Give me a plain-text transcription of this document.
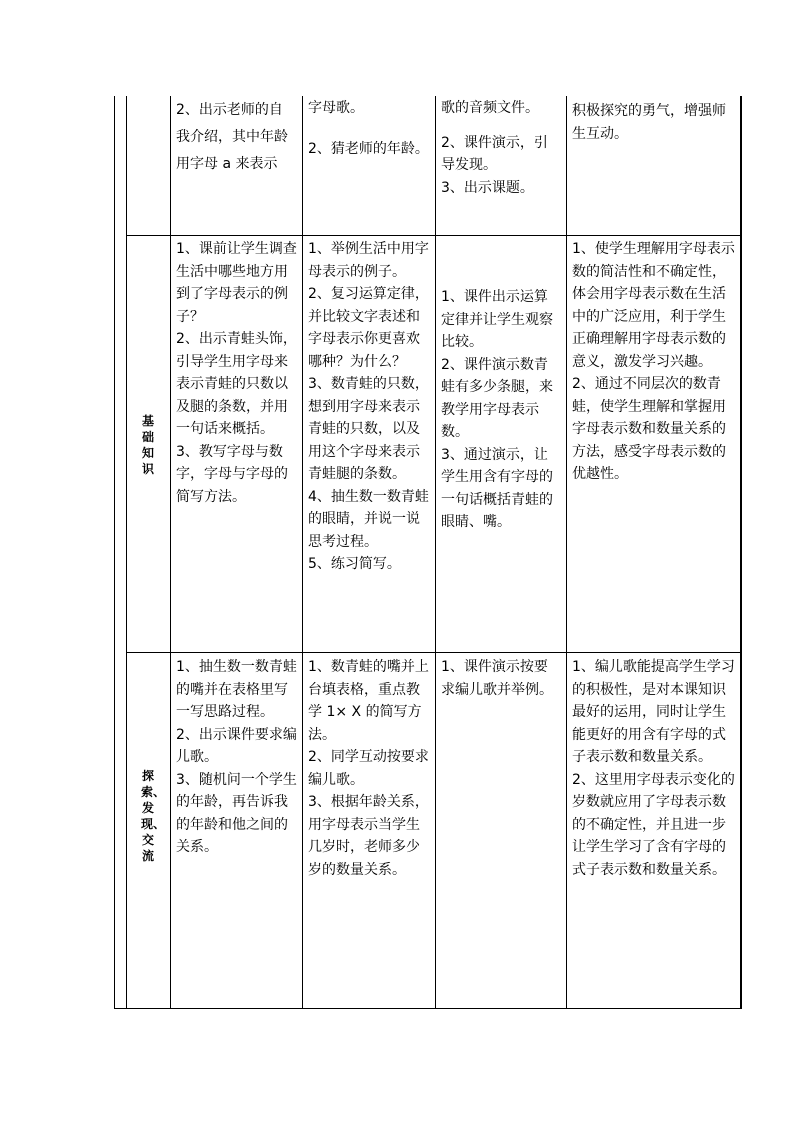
2、出示老师的自我介绍，其中年龄用字母 a 来表示

字母歌。

2、猜老师的年龄。

歌的音频文件。

2、课件演示，引导发现。

3、出示课题。

积极探究的勇气，增强师生互动。

基础知识

1、课前让学生调查生活中哪些地方用到了字母表示的例子？

2、出示青蛙头饰，引导学生用字母来表示青蛙的只数以及腿的条数，并用一句话来概括。

3、教写字母与数字，字母与字母的简写方法。

1、举例生活中用字母表示的例子。

2、复习运算定律，并比较文字表述和字母表示你更喜欢哪种？为什么？

3、数青蛙的只数，想到用字母来表示青蛙的只数，以及用这个字母来表示青蛙腿的条数。

4、抽生数一数青蛙的眼睛，并说一说思考过程。

5、练习简写。

1、课件出示运算定律并让学生观察比较。

2、课件演示数青蛙有多少条腿，来教学用字母表示数。

3、通过演示，让学生用含有字母的一句话概括青蛙的眼睛、嘴。

1、使学生理解用字母表示数的简洁性和不确定性，体会用字母表示数在生活中的广泛应用，利于学生正确理解用字母表示数的意义，激发学习兴趣。

2、通过不同层次的数青蛙，使学生理解和掌握用字母表示数和数量关系的方法，感受字母表示数的优越性。

探索、发现、交流

1、抽生数一数青蛙的嘴并在表格里写一写思路过程。

2、出示课件要求编儿歌。

3、随机问一个学生的年龄，再告诉我的年龄和他之间的关系。

1、数青蛙的嘴并上台填表格，重点教学 1× X 的简写方法。

2、同学互动按要求编儿歌。

3、根据年龄关系，用字母表示当学生几岁时，老师多少岁的数量关系。

1、课件演示按要求编儿歌并举例。

1、编儿歌能提高学生学习的积极性，是对本课知识最好的运用，同时让学生能更好的用含有字母的式子表示数和数量关系。

2、这里用字母表示变化的岁数就应用了字母表示数的不确定性，并且进一步让学生学习了含有字母的式子表示数和数量关系。
